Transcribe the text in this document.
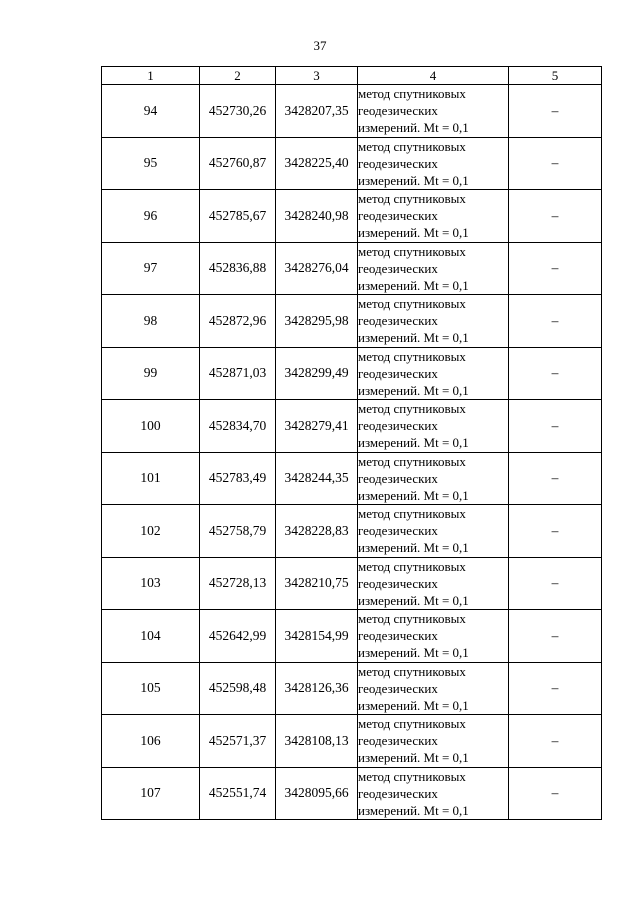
37
1	2	3	4	5
94	452730,26	3428207,35	метод спутниковых
геодезических
измерений. Mt = 0,1	–
95	452760,87	3428225,40	метод спутниковых
геодезических
измерений. Mt = 0,1	–
96	452785,67	3428240,98	метод спутниковых
геодезических
измерений. Mt = 0,1	–
97	452836,88	3428276,04	метод спутниковых
геодезических
измерений. Mt = 0,1	–
98	452872,96	3428295,98	метод спутниковых
геодезических
измерений. Mt = 0,1	–
99	452871,03	3428299,49	метод спутниковых
геодезических
измерений. Mt = 0,1	–
100	452834,70	3428279,41	метод спутниковых
геодезических
измерений. Mt = 0,1	–
101	452783,49	3428244,35	метод спутниковых
геодезических
измерений. Mt = 0,1	–
102	452758,79	3428228,83	метод спутниковых
геодезических
измерений. Mt = 0,1	–
103	452728,13	3428210,75	метод спутниковых
геодезических
измерений. Mt = 0,1	–
104	452642,99	3428154,99	метод спутниковых
геодезических
измерений. Mt = 0,1	–
105	452598,48	3428126,36	метод спутниковых
геодезических
измерений. Mt = 0,1	–
106	452571,37	3428108,13	метод спутниковых
геодезических
измерений. Mt = 0,1	–
107	452551,74	3428095,66	метод спутниковых
геодезических
измерений. Mt = 0,1	–
